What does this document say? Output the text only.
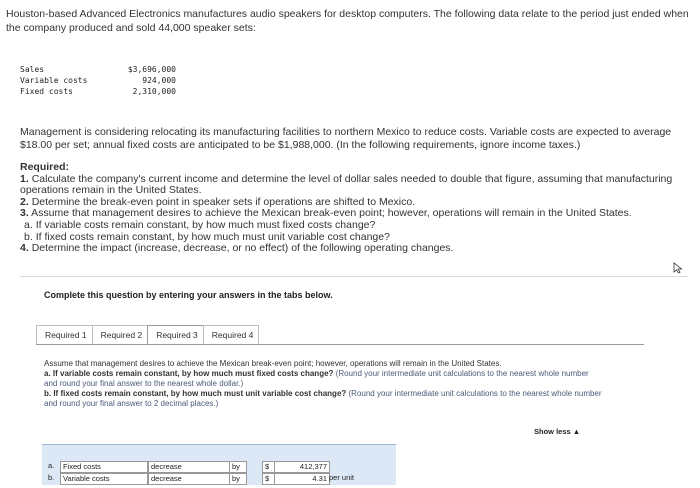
Houston-based Advanced Electronics manufactures audio speakers for desktop computers. The following data relate to the period just ended when the company produced and sold 44,000 speaker sets:
Sales	$3,696,000
Variable costs	924,000
Fixed costs	2,310,000
Management is considering relocating its manufacturing facilities to northern Mexico to reduce costs. Variable costs are expected to average $18.00 per set; annual fixed costs are anticipated to be $1,988,000. (In the following requirements, ignore income taxes.)
Required:
1. Calculate the company's current income and determine the level of dollar sales needed to double that figure, assuming that manufacturing operations remain in the United States.
2. Determine the break-even point in speaker sets if operations are shifted to Mexico.
3. Assume that management desires to achieve the Mexican break-even point; however, operations will remain in the United States.
a. If variable costs remain constant, by how much must fixed costs change?
b. If fixed costs remain constant, by how much must unit variable cost change?
4. Determine the impact (increase, decrease, or no effect) of the following operating changes.
Complete this question by entering your answers in the tabs below.
Required 1	Required 2	Required 3	Required 4
Assume that management desires to achieve the Mexican break-even point; however, operations will remain in the United States.
a. If variable costs remain constant, by how much must fixed costs change? (Round your intermediate unit calculations to the nearest whole number and round your final answer to the nearest whole dollar.)
b. If fixed costs remain constant, by how much must unit variable cost change? (Round your intermediate unit calculations to the nearest whole number and round your final answer to 2 decimal places.)
Show less ▲
a.	Fixed costs	decrease	by	$	412,377
b.	Variable costs	decrease	by	$	4.31 per unit
